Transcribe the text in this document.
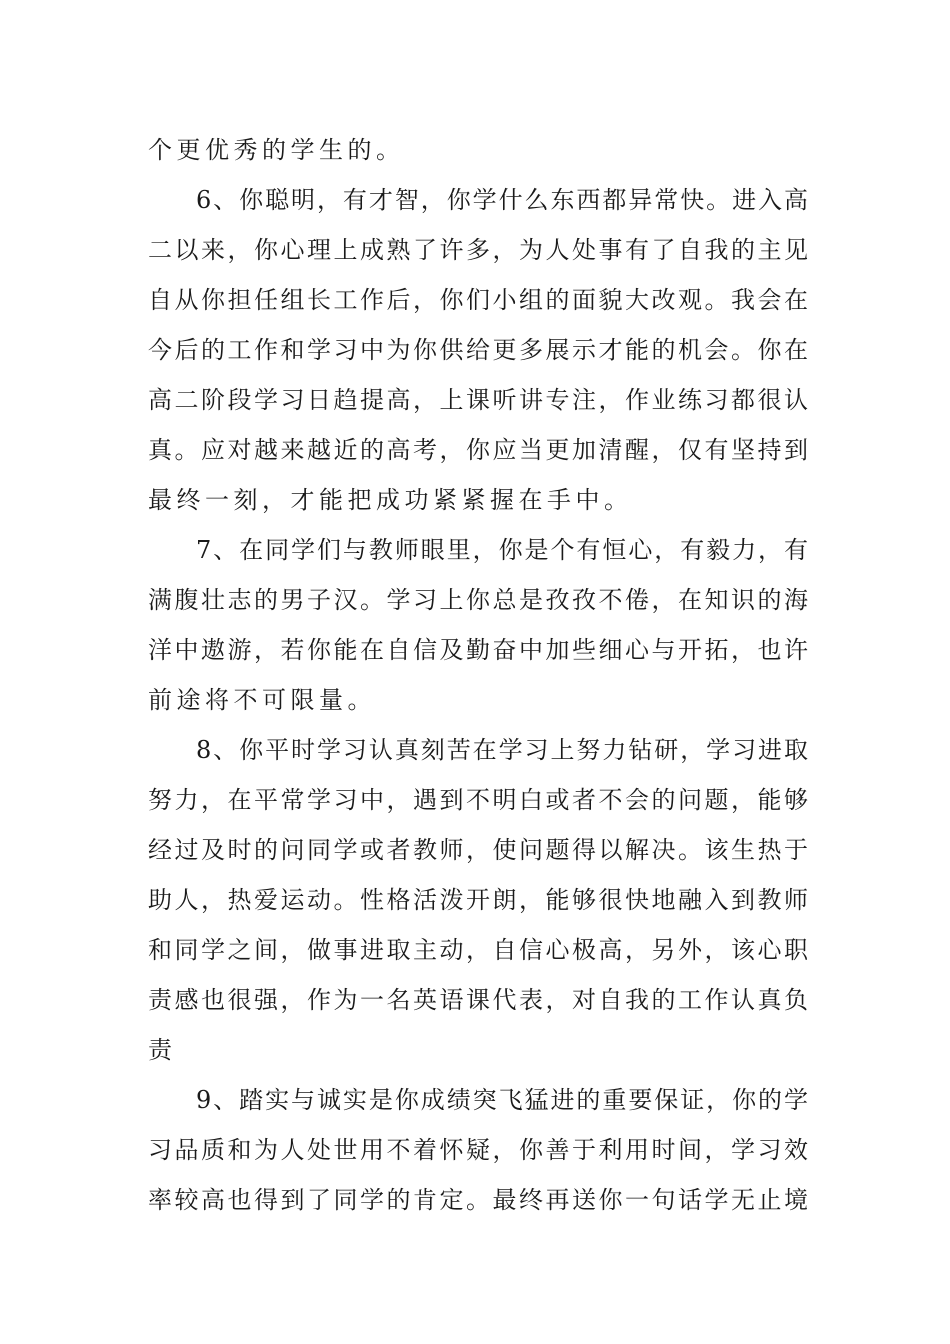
个更优秀的学生的。
6、你聪明，有才智，你学什么东西都异常快。进入高
二以来，你心理上成熟了许多，为人处事有了自我的主见
自从你担任组长工作后，你们小组的面貌大改观。我会在
今后的工作和学习中为你供给更多展示才能的机会。你在
高二阶段学习日趋提高，上课听讲专注，作业练习都很认
真。应对越来越近的高考，你应当更加清醒，仅有坚持到
最终一刻，才能把成功紧紧握在手中。
7、在同学们与教师眼里，你是个有恒心，有毅力，有
满腹壮志的男子汉。学习上你总是孜孜不倦，在知识的海
洋中遨游，若你能在自信及勤奋中加些细心与开拓，也许
前途将不可限量。
8、你平时学习认真刻苦在学习上努力钻研，学习进取
努力，在平常学习中，遇到不明白或者不会的问题，能够
经过及时的问同学或者教师，使问题得以解决。该生热于
助人，热爱运动。性格活泼开朗，能够很快地融入到教师
和同学之间，做事进取主动，自信心极高，另外，该心职
责感也很强，作为一名英语课代表，对自我的工作认真负
责
9、踏实与诚实是你成绩突飞猛进的重要保证，你的学
习品质和为人处世用不着怀疑，你善于利用时间，学习效
率较高也得到了同学的肯定。最终再送你一句话学无止境
